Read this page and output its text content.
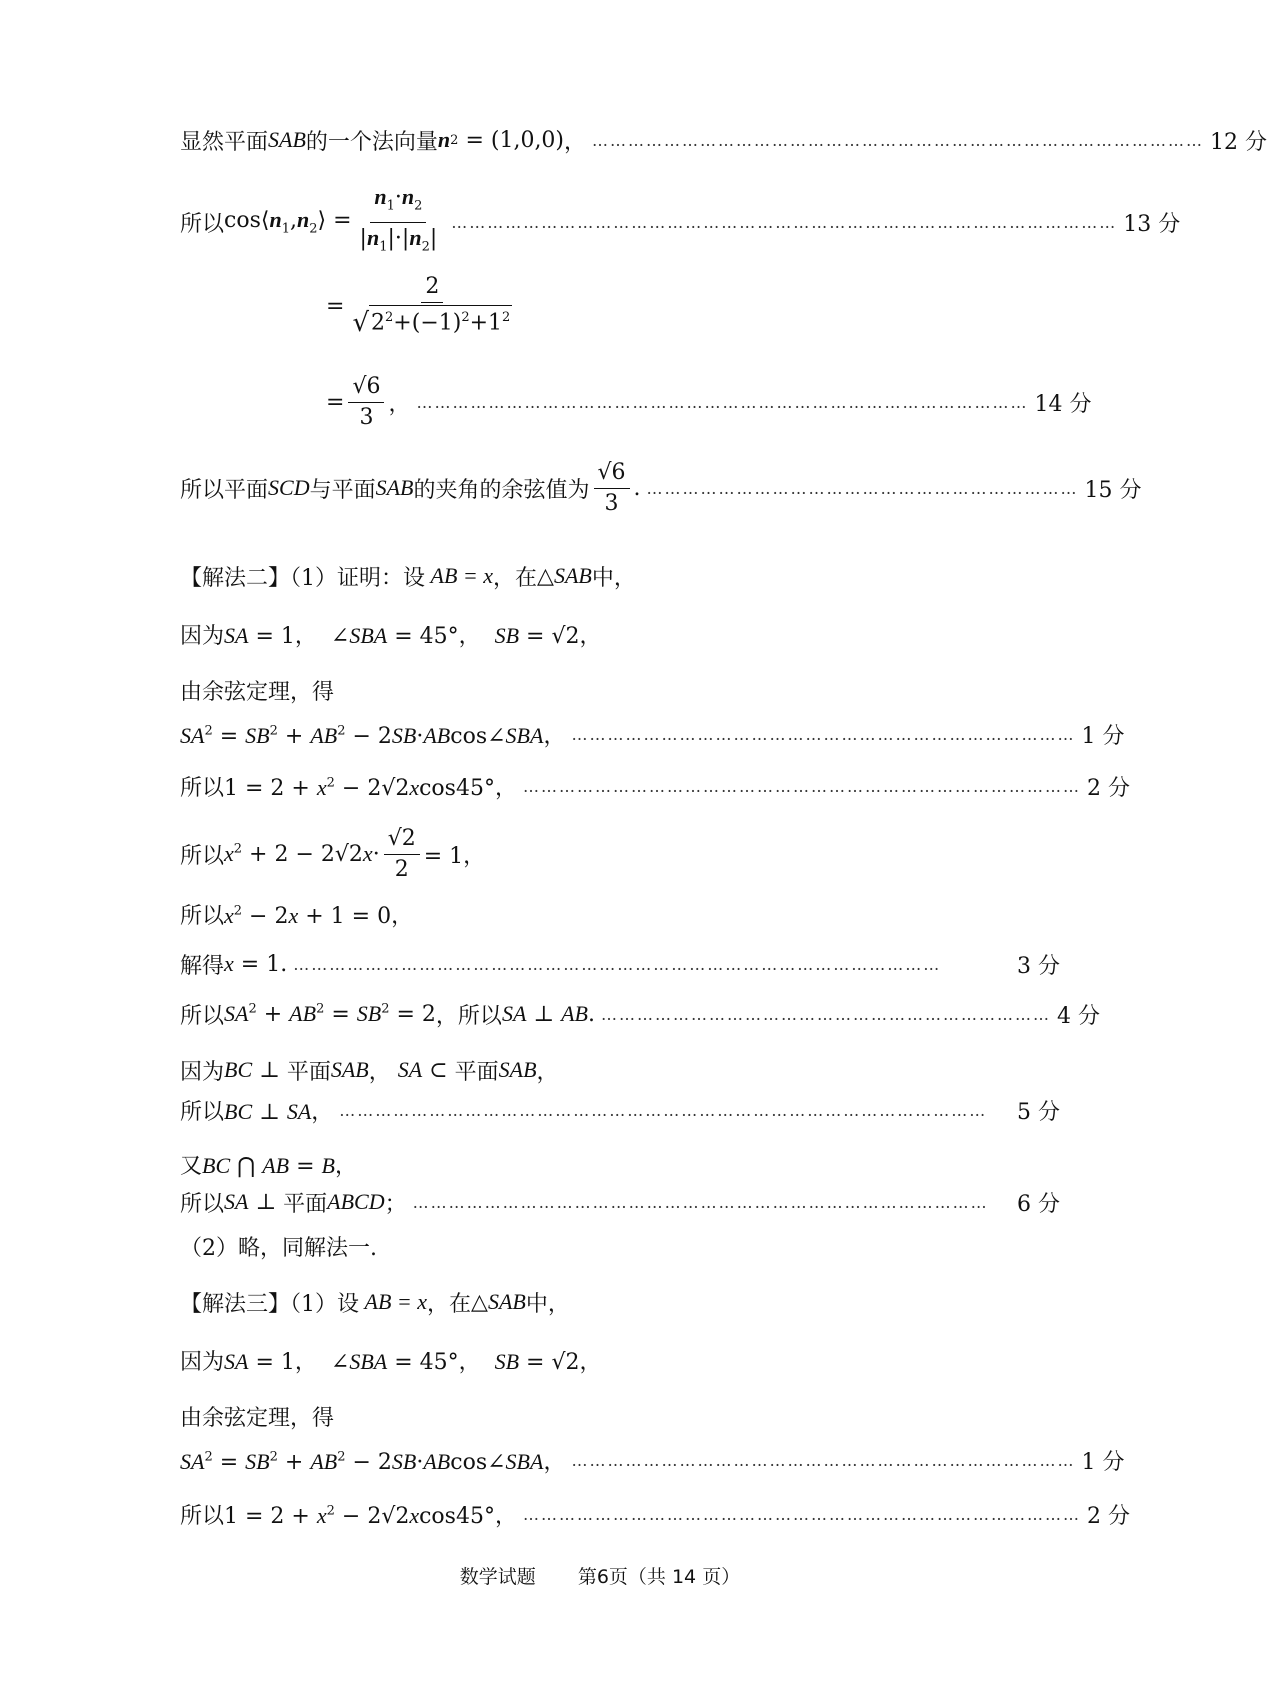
显然平面 SAB 的一个法向量 n 2 = (1,0,0) ， ………………………………………………………………………………………… 12 分
所以 $\cos⟨n_1,n_2⟩ = \frac{n_1\cdot n_2}{|n_1|\cdot|n_2|}$ ………………………………………………………………………………………………… 13 分
= $\frac{2}{√ 2^2+(-1)^2+1^2}$
= $\frac{√6}{3}$ ， ………………………………………………………………………………………… 14 分
所以平面 SCD 与平面 SAB 的夹角的余弦值为 $\frac{√6}{3}$ . ……………………………………………………………… 15 分
【解法二】（1）证明：设 AB = x ，在 △SAB 中，
因为 SA = 1，  ∠SBA = 45°，  SB = √2，
由余弦定理，得
$SA^2 = SB^2 + AB^2$ − 2SB·ABcos∠SBA， ………………………………………………………………………… 1 分
所以 $1 = 2 + x^2 - 2√2xcos45^\circ$， ………………………………………………………………………………… 2 分
所以 $x^2 + 2 - 2√2x\cdot \frac{√2}{2} = 1$，
所以 $x^2 - 2x + 1 = 0$，
解得 x = 1. ………………………………………………………………………………………………	3 分
所以 $SA^2 + AB^2 = SB^2 = 2$ ，所以 SA ⊥ AB. ………………………………………………………………… 4 分
因为 BC ⊥ 平面 SAB ， SA ⊂ 平面 SAB ，
所以 BC ⊥ SA， ………………………………………………………………………………………………	5 分
又 BC ⋂ AB = B，
所以 SA ⊥ 平面 ABCD ； ……………………………………………………………………………………	6 分
（2）略，同解法一.
【解法三】（1）设 AB = x ，在 △SAB 中，
因为 SA = 1，  ∠SBA = 45°，  SB = √2，
由余弦定理，得
$SA^2 = SB^2 + AB^2$ − 2SB·ABcos∠SBA， ………………………………………………………………………… 1 分
所以 $1 = 2 + x^2 - 2√2xcos45^\circ$， ………………………………………………………………………………… 2 分
数学试题 第6页（共 14 页）
